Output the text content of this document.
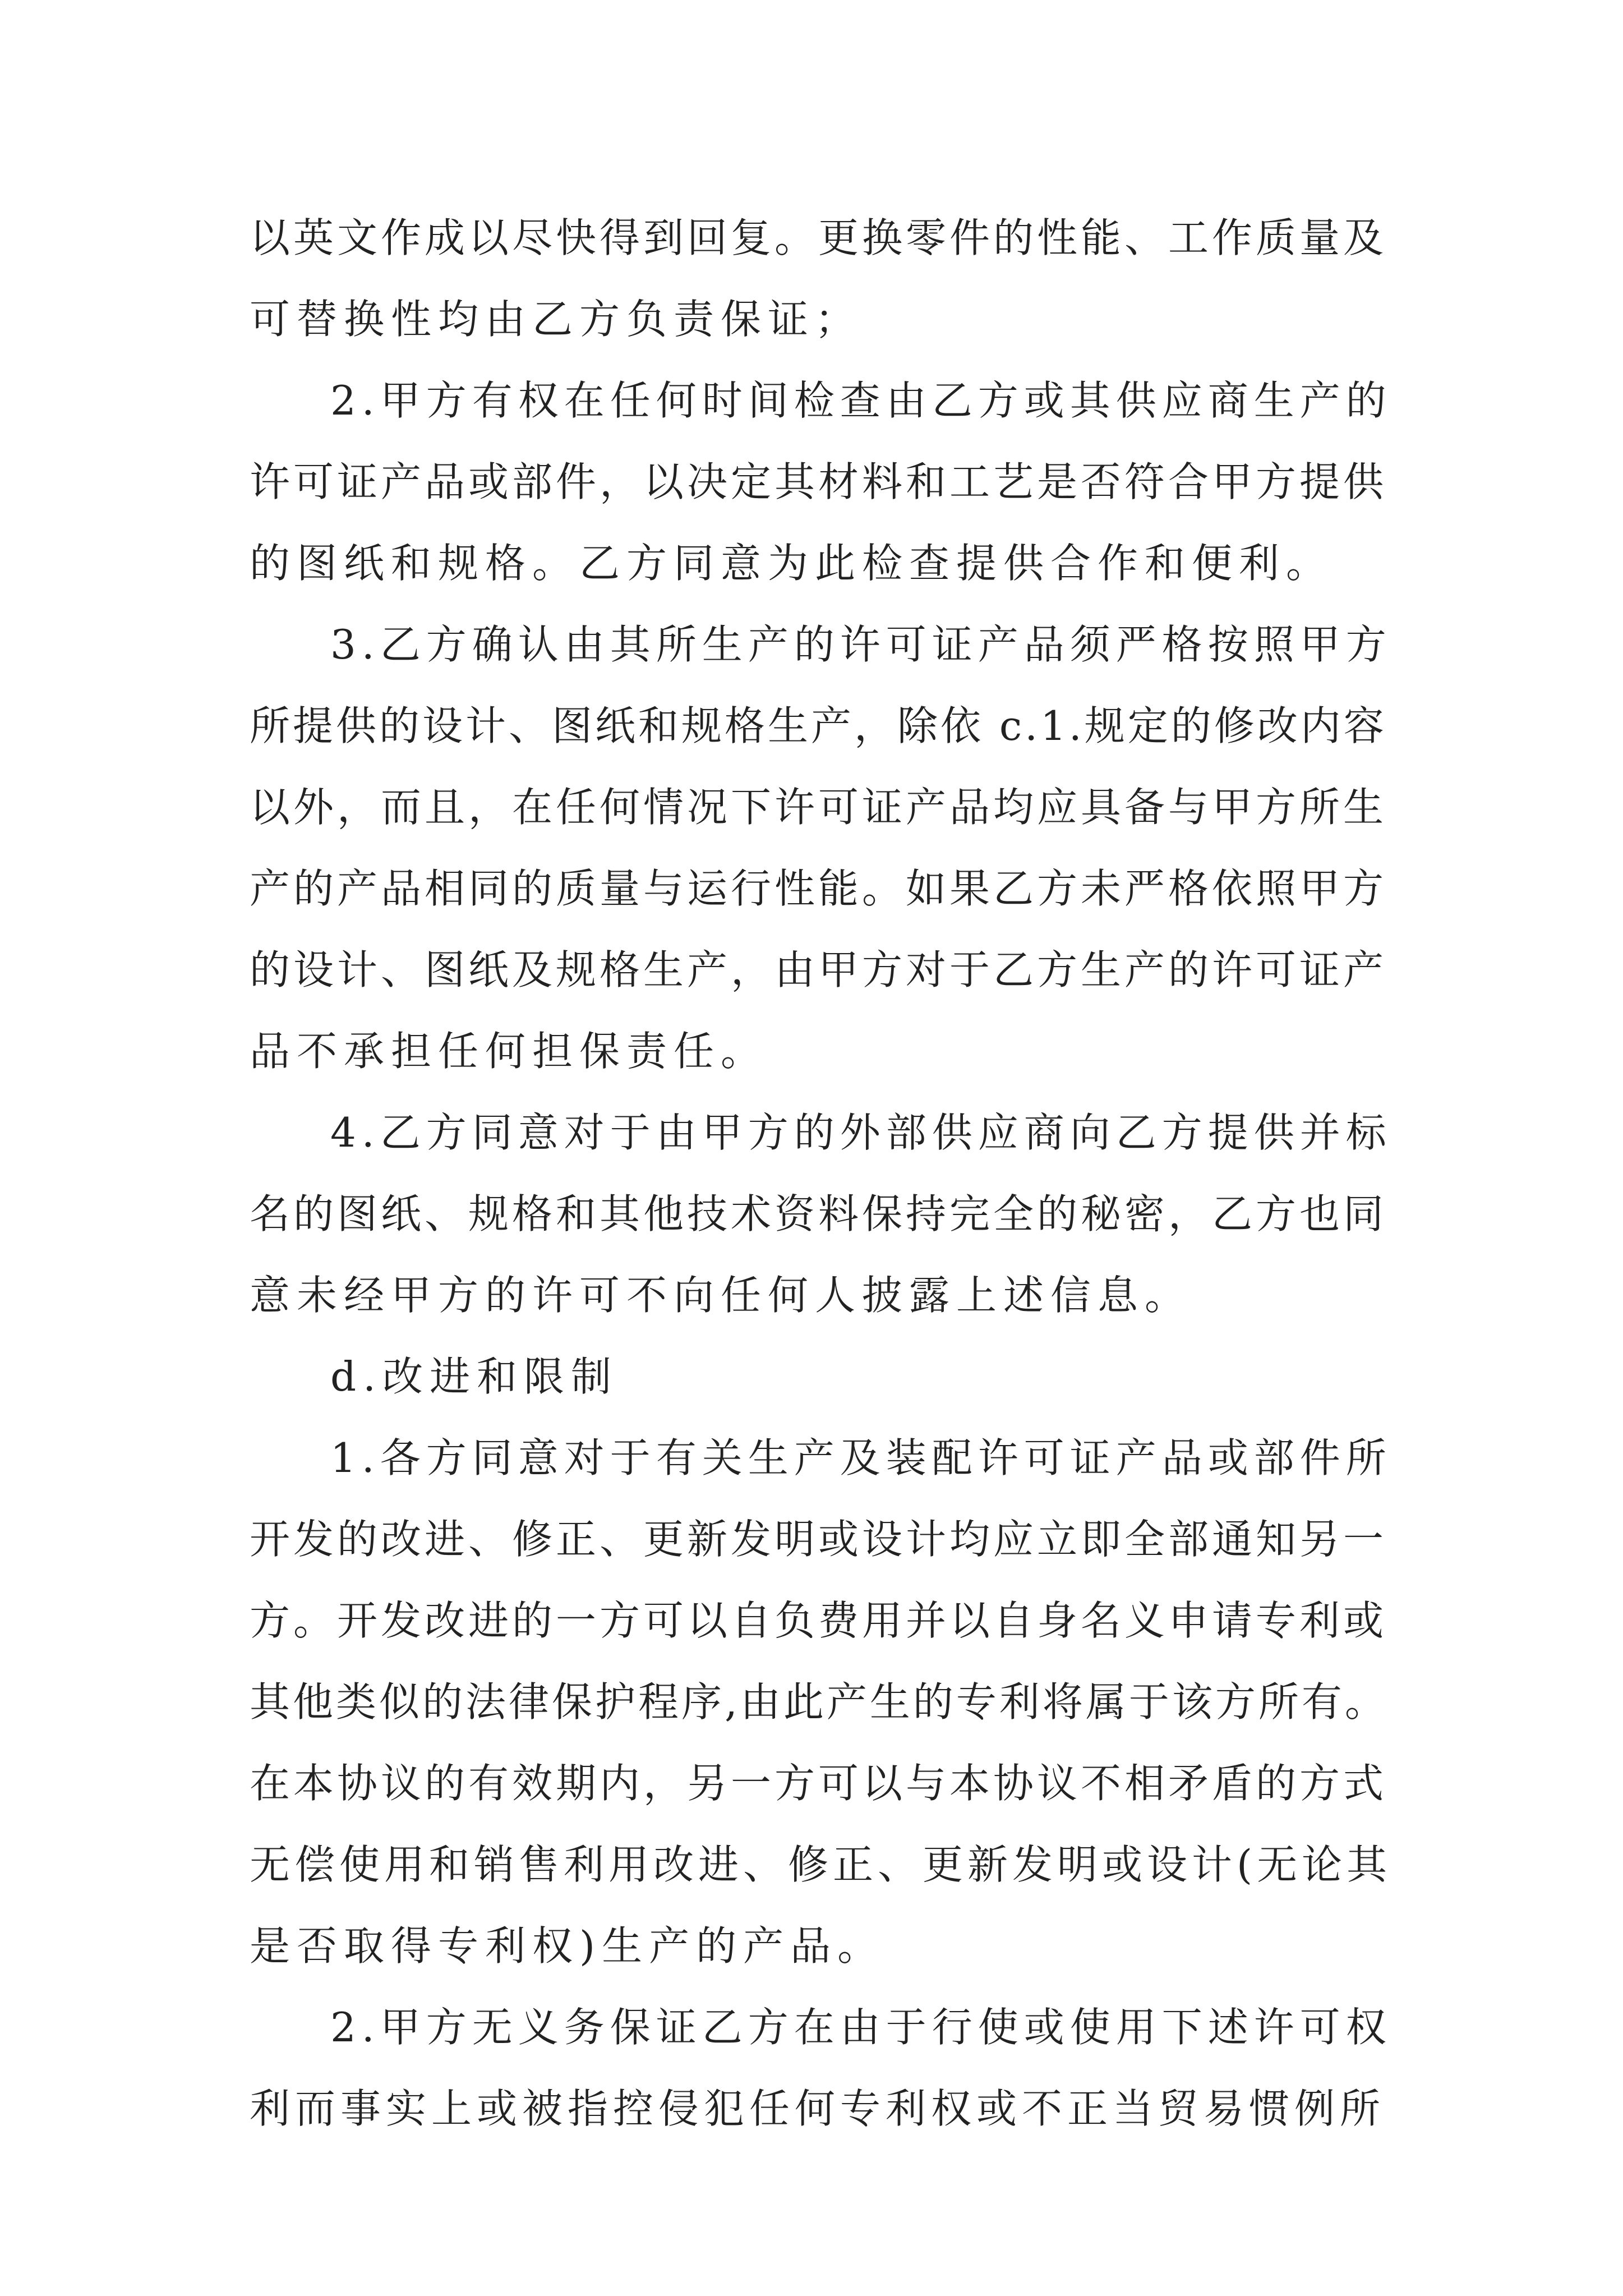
以英文作成以尽快得到回复。更换零件的性能、工作质量及
可替换性均由乙方负责保证；
2.甲方有权在任何时间检查由乙方或其供应商生产的
许可证产品或部件，以决定其材料和工艺是否符合甲方提供
的图纸和规格。乙方同意为此检查提供合作和便利。
3.乙方确认由其所生产的许可证产品须严格按照甲方
所提供的设计、图纸和规格生产，除依 c.1.规定的修改内容
以外，而且，在任何情况下许可证产品均应具备与甲方所生
产的产品相同的质量与运行性能。如果乙方未严格依照甲方
的设计、图纸及规格生产，由甲方对于乙方生产的许可证产
品不承担任何担保责任。
4.乙方同意对于由甲方的外部供应商向乙方提供并标
名的图纸、规格和其他技术资料保持完全的秘密，乙方也同
意未经甲方的许可不向任何人披露上述信息。
d.改进和限制
1.各方同意对于有关生产及装配许可证产品或部件所
开发的改进、修正、更新发明或设计均应立即全部通知另一
方。开发改进的一方可以自负费用并以自身名义申请专利或
其他类似的法律保护程序,由此产生的专利将属于该方所有。
在本协议的有效期内，另一方可以与本协议不相矛盾的方式
无偿使用和销售利用改进、修正、更新发明或设计(无论其
是否取得专利权)生产的产品。
2.甲方无义务保证乙方在由于行使或使用下述许可权
利而事实上或被指控侵犯任何专利权或不正当贸易惯例所
